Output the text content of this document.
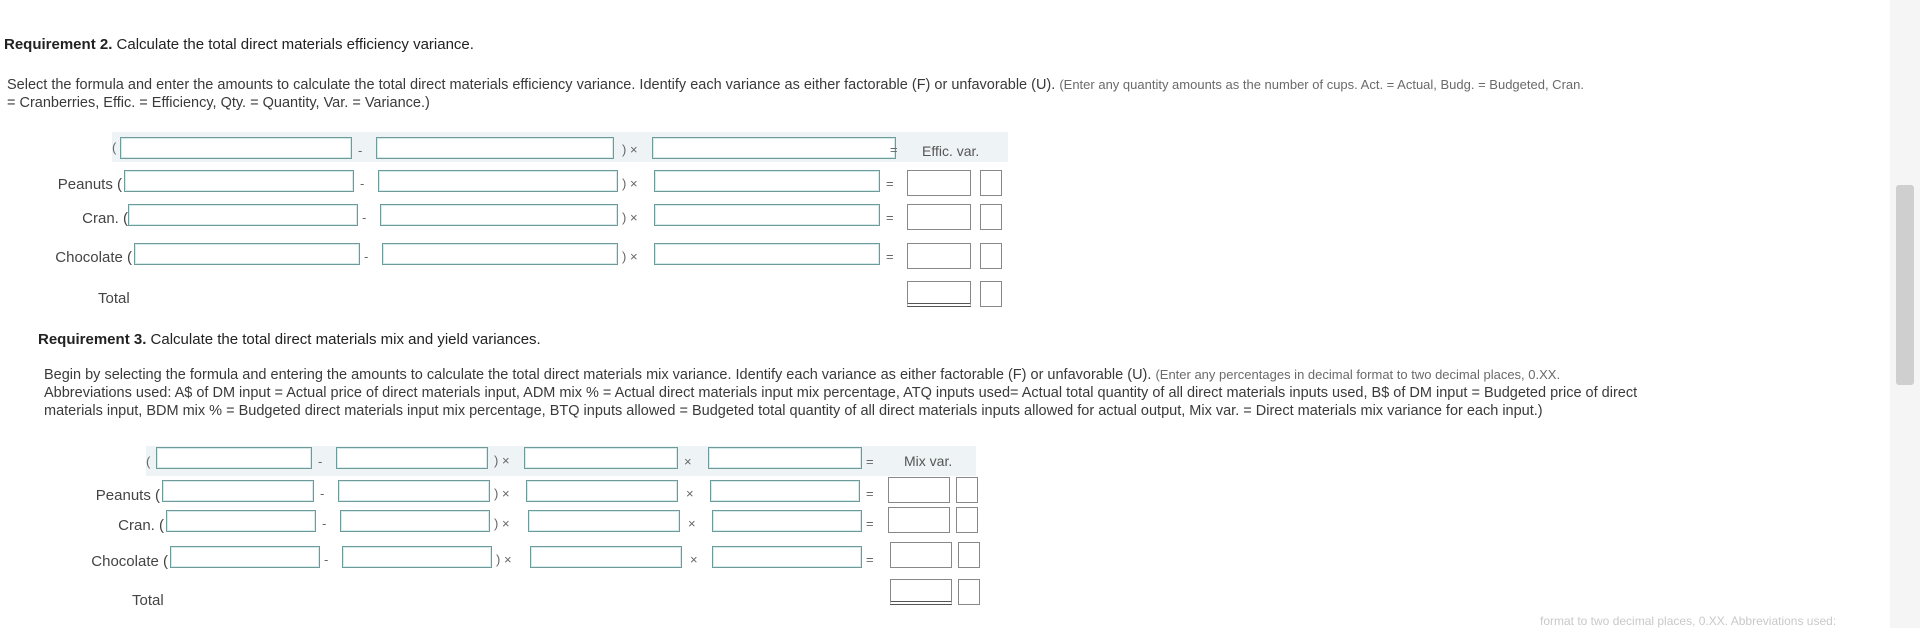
Requirement 2. Calculate the total direct materials efficiency variance.
Select the formula and enter the amounts to calculate the total direct materials efficiency variance. Identify each variance as either factorable (F) or unfavorable (U). (Enter any quantity amounts as the number of cups. Act. = Actual, Budg. = Budgeted, Cran.
= Cranberries, Effic. = Efficiency, Qty. = Quantity, Var. = Variance.)
(	-	) ×	= Effic. var.
Peanuts (	-	) ×	=
Cran. (	-	) ×	=
Chocolate (	-	) ×	=
Total
Requirement 3. Calculate the total direct materials mix and yield variances.
Begin by selecting the formula and entering the amounts to calculate the total direct materials mix variance. Identify each variance as either factorable (F) or unfavorable (U). (Enter any percentages in decimal format to two decimal places, 0.XX.
Abbreviations used: A$ of DM input = Actual price of direct materials input, ADM mix % = Actual direct materials input mix percentage, ATQ inputs used= Actual total quantity of all direct materials inputs used, B$ of DM input = Budgeted price of direct
materials input, BDM mix % = Budgeted direct materials input mix percentage, BTQ inputs allowed = Budgeted total quantity of all direct materials inputs allowed for actual output, Mix var. = Direct materials mix variance for each input.)
(	-	) ×	×	= Mix var.
Peanuts (	-	) ×	×	=
Cran. (	-	) ×	×	=
Chocolate (	-	) ×	×	=
Total
format to two decimal places, 0.XX. Abbreviations used:
